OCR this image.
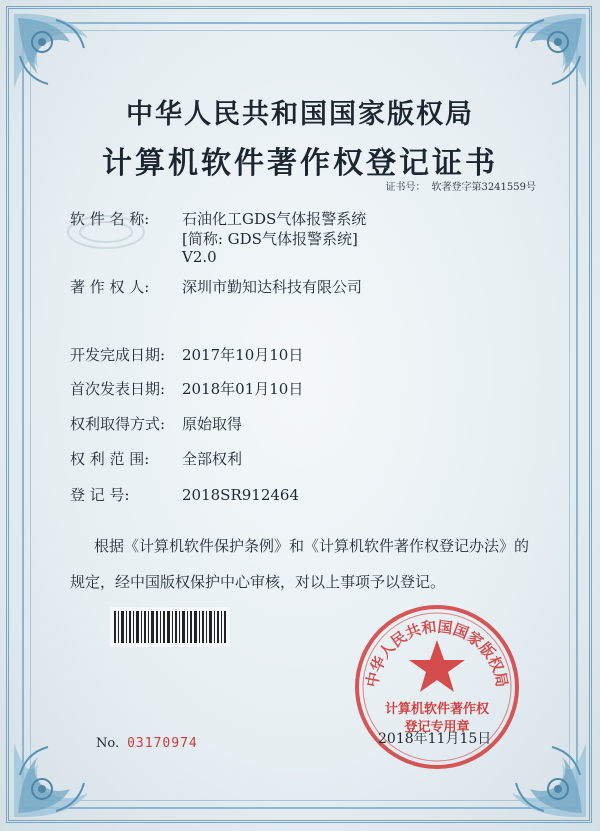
中华人民共和国国家版权局
计算机软件著作权登记证书
证书号： 软著登字第3241559号
软 件 名 称: 石油化工GDS气体报警系统
[简称: GDS气体报警系统]
V2.0
著 作 权 人: 深圳市勤知达科技有限公司
开发完成日期: 2017年10月10日
首次发表日期: 2018年01月10日
权利取得方式: 原始取得
权 利 范 围: 全部权利
登 记 号:	2018SR912464
根据《计算机软件保护条例》和《计算机软件著作权登记办法》的
规定，经中国版权保护中心审核，对以上事项予以登记。
中华人民共和国国家版权局
计算机软件著作权
登记专用章
No. 03170974	2018年11月15日
